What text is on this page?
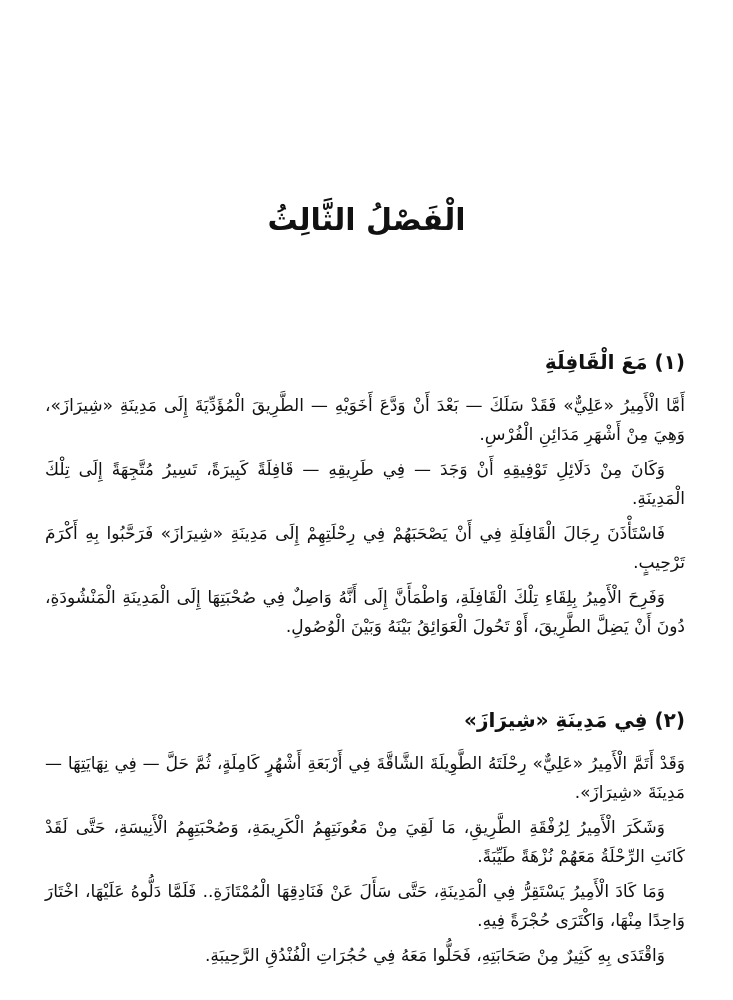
الْفَصْلُ الثَّالِثُ
(١) مَعَ الْقَافِلَةِ

أَمَّا الْأَمِيرُ «عَلِيٌّ» فَقَدْ سَلَكَ — بَعْدَ أَنْ وَدَّعَ أَخَوَيْهِ — الطَّرِيقَ الْمُؤَدِّيَةَ إِلَى مَدِينَةِ «شِيرَازَ»، وَهِيَ مِنْ أَشْهَرِ مَدَائِنِ الْفُرْسِ.

وَكَانَ مِنْ دَلَائِلِ تَوْفِيقِهِ أَنْ وَجَدَ — فِي طَرِيقِهِ — قَافِلَةً كَبِيرَةً، تَسِيرُ مُتَّجِهَةً إِلَى تِلْكَ الْمَدِينَةِ.

فَاسْتَأْذَنَ رِجَالَ الْقَافِلَةِ فِي أَنْ يَصْحَبَهُمْ فِي رِحْلَتِهِمْ إِلَى مَدِينَةِ «شِيرَازَ» فَرَحَّبُوا بِهِ أَكْرَمَ تَرْحِيبٍ.

وَفَرِحَ الْأَمِيرُ بِلِقَاءِ تِلْكَ الْقَافِلَةِ، وَاطْمَأَنَّ إِلَى أَنَّهُ وَاصِلٌ فِي صُحْبَتِهَا إِلَى الْمَدِينَةِ الْمَنْشُودَةِ، دُونَ أَنْ يَضِلَّ الطَّرِيقَ، أَوْ تَحُولَ الْعَوَائِقُ بَيْنَهُ وَبَيْنَ الْوُصُولِ.

(٢) فِي مَدِينَةِ «شِيرَازَ»

وَقَدْ أَتَمَّ الْأَمِيرُ «عَلِيٌّ» رِحْلَتَهُ الطَّوِيلَةَ الشَّاقَّةَ فِي أَرْبَعَةِ أَشْهُرٍ كَامِلَةٍ، ثُمَّ حَلَّ — فِي نِهَايَتِهَا — مَدِينَةَ «شِيرَازَ».

وَشَكَرَ الْأَمِيرُ لِرُفْقَةِ الطَّرِيقِ، مَا لَقِيَ مِنْ مَعُونَتِهِمُ الْكَرِيمَةِ، وَصُحْبَتِهِمُ الْأَنِيسَةِ، حَتَّى لَقَدْ كَانَتِ الرِّحْلَةُ مَعَهُمْ نُزْهَةً طَيِّبَةً.

وَمَا كَادَ الْأَمِيرُ يَسْتَقِرُّ فِي الْمَدِينَةِ، حَتَّى سَأَلَ عَنْ فَنَادِقِهَا الْمُمْتَازَةِ.. فَلَمَّا دَلُّوهُ عَلَيْهَا، اخْتَارَ وَاحِدًا مِنْهَا، وَاكْتَرَى حُجْرَةً فِيهِ.

وَاقْتَدَى بِهِ كَثِيرٌ مِنْ صَحَابَتِهِ، فَحَلُّوا مَعَهُ فِي حُجُرَاتِ الْفُنْدُقِ الرَّحِيبَةِ.
